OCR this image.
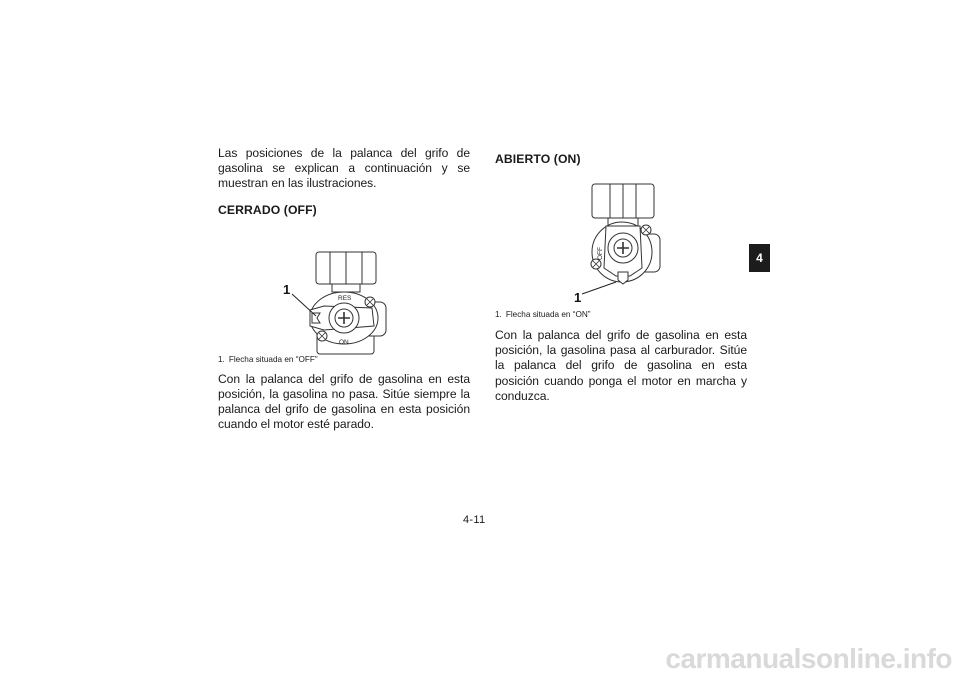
Las posiciones de la palanca del grifo de gasolina se explican a continuación y se muestran en las ilustraciones.

CERRADO (OFF)

1. Flecha situada en “OFF”

Con la palanca del grifo de gasolina en esta posición, la gasolina no pasa. Sitúe siempre la palanca del grifo de gasolina en esta posición cuando el motor esté parado.

1
RES
ON

ABIERTO (ON)

1. Flecha situada en “ON”

Con la palanca del grifo de gasolina en esta posición, la gasolina pasa al carburador. Sitúe la palanca del grifo de gasolina en esta posición cuando ponga el motor en marcha y conduzca.

1
OFF	4
4-11
carmanualsonline.info
